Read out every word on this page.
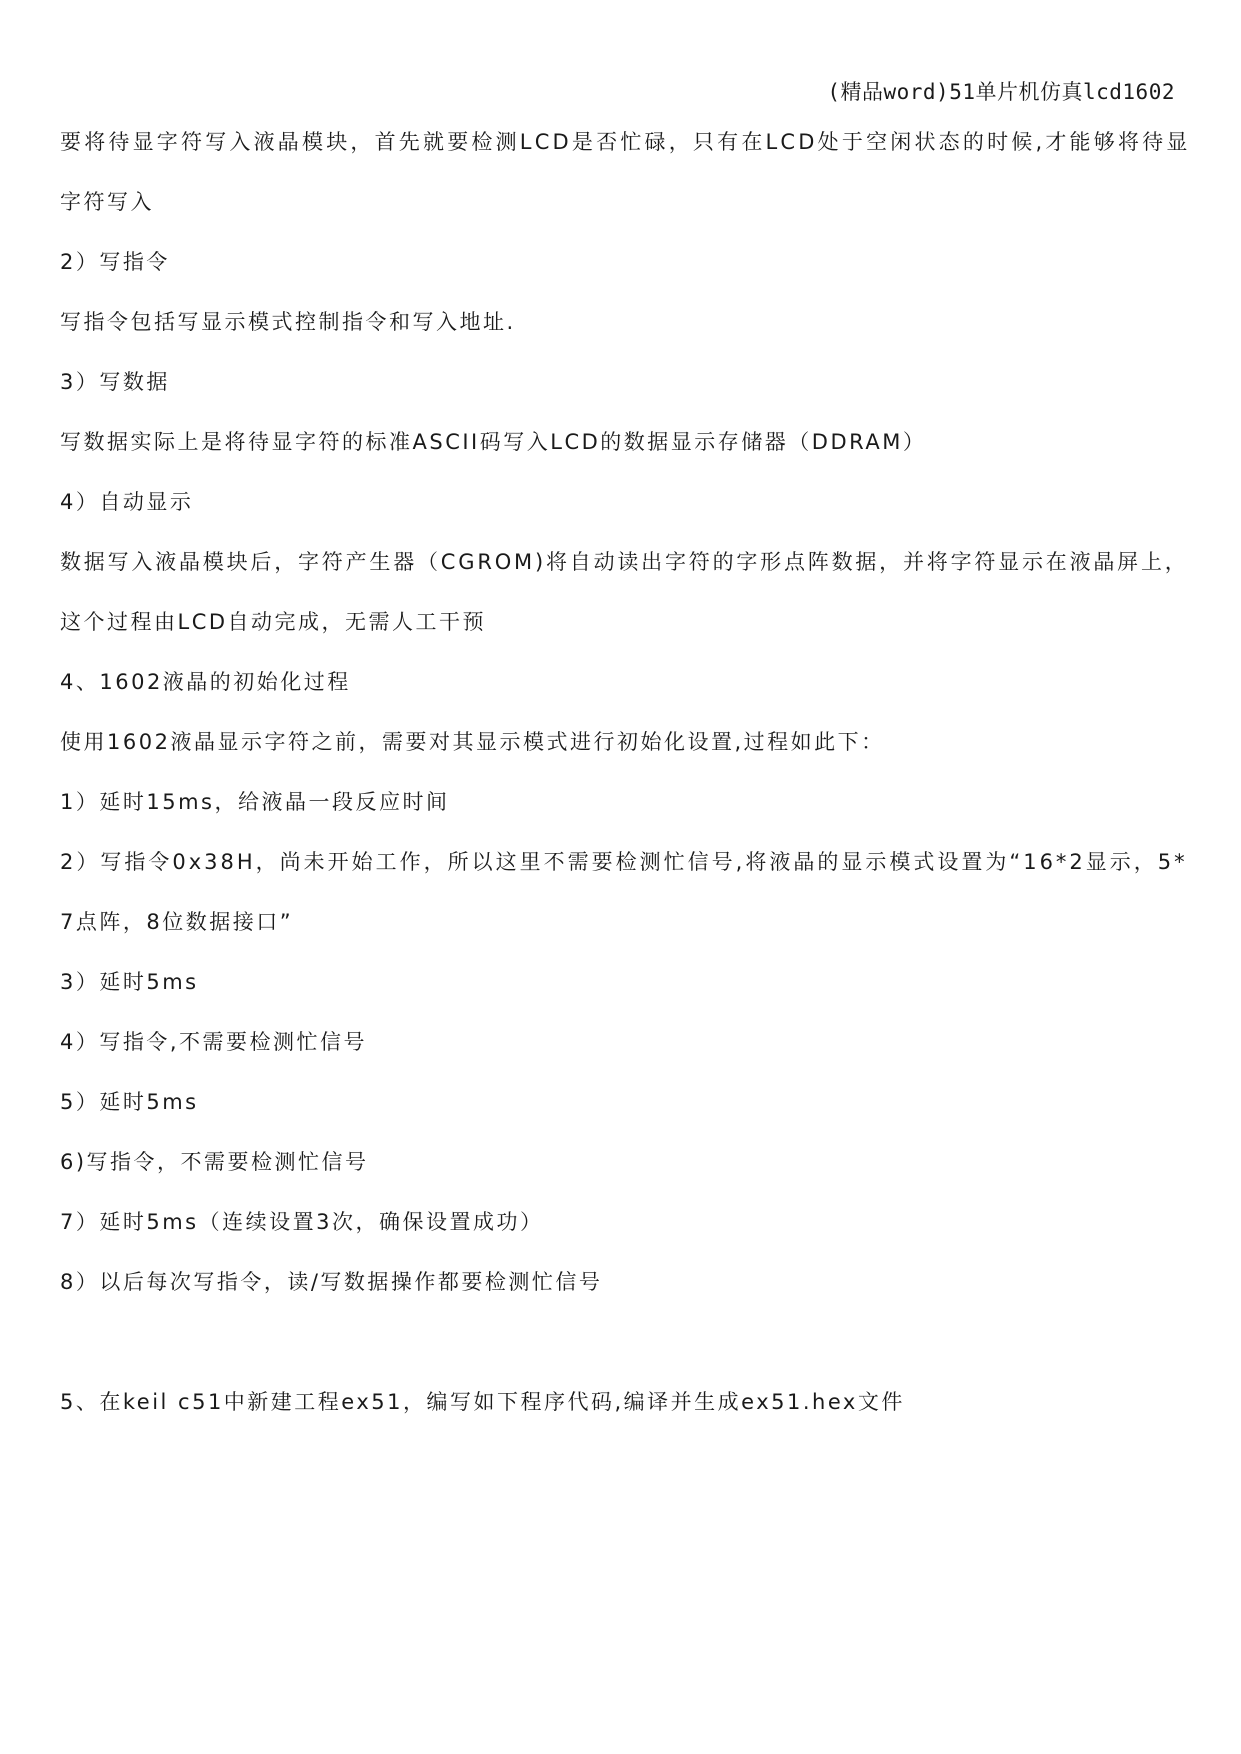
(精品word)51单片机仿真lcd1602
要将待显字符写入液晶模块，首先就要检测LCD是否忙碌，只有在LCD处于空闲状态的时候,才能够将待显
字符写入
2）写指令
写指令包括写显示模式控制指令和写入地址.
3）写数据
写数据实际上是将待显字符的标准ASCII码写入LCD的数据显示存储器（DDRAM）
4）自动显示
数据写入液晶模块后，字符产生器（CGROM)将自动读出字符的字形点阵数据，并将字符显示在液晶屏上，
这个过程由LCD自动完成，无需人工干预
4、1602液晶的初始化过程
使用1602液晶显示字符之前，需要对其显示模式进行初始化设置,过程如此下：
1）延时15ms，给液晶一段反应时间
2）写指令0x38H，尚未开始工作，所以这里不需要检测忙信号,将液晶的显示模式设置为“16*2显示，5*
7点阵，8位数据接口”
3）延时5ms
4）写指令,不需要检测忙信号
5）延时5ms
6)写指令，不需要检测忙信号
7）延时5ms（连续设置3次，确保设置成功）
8）以后每次写指令，读/写数据操作都要检测忙信号
5、在keil c51中新建工程ex51，编写如下程序代码,编译并生成ex51.hex文件
